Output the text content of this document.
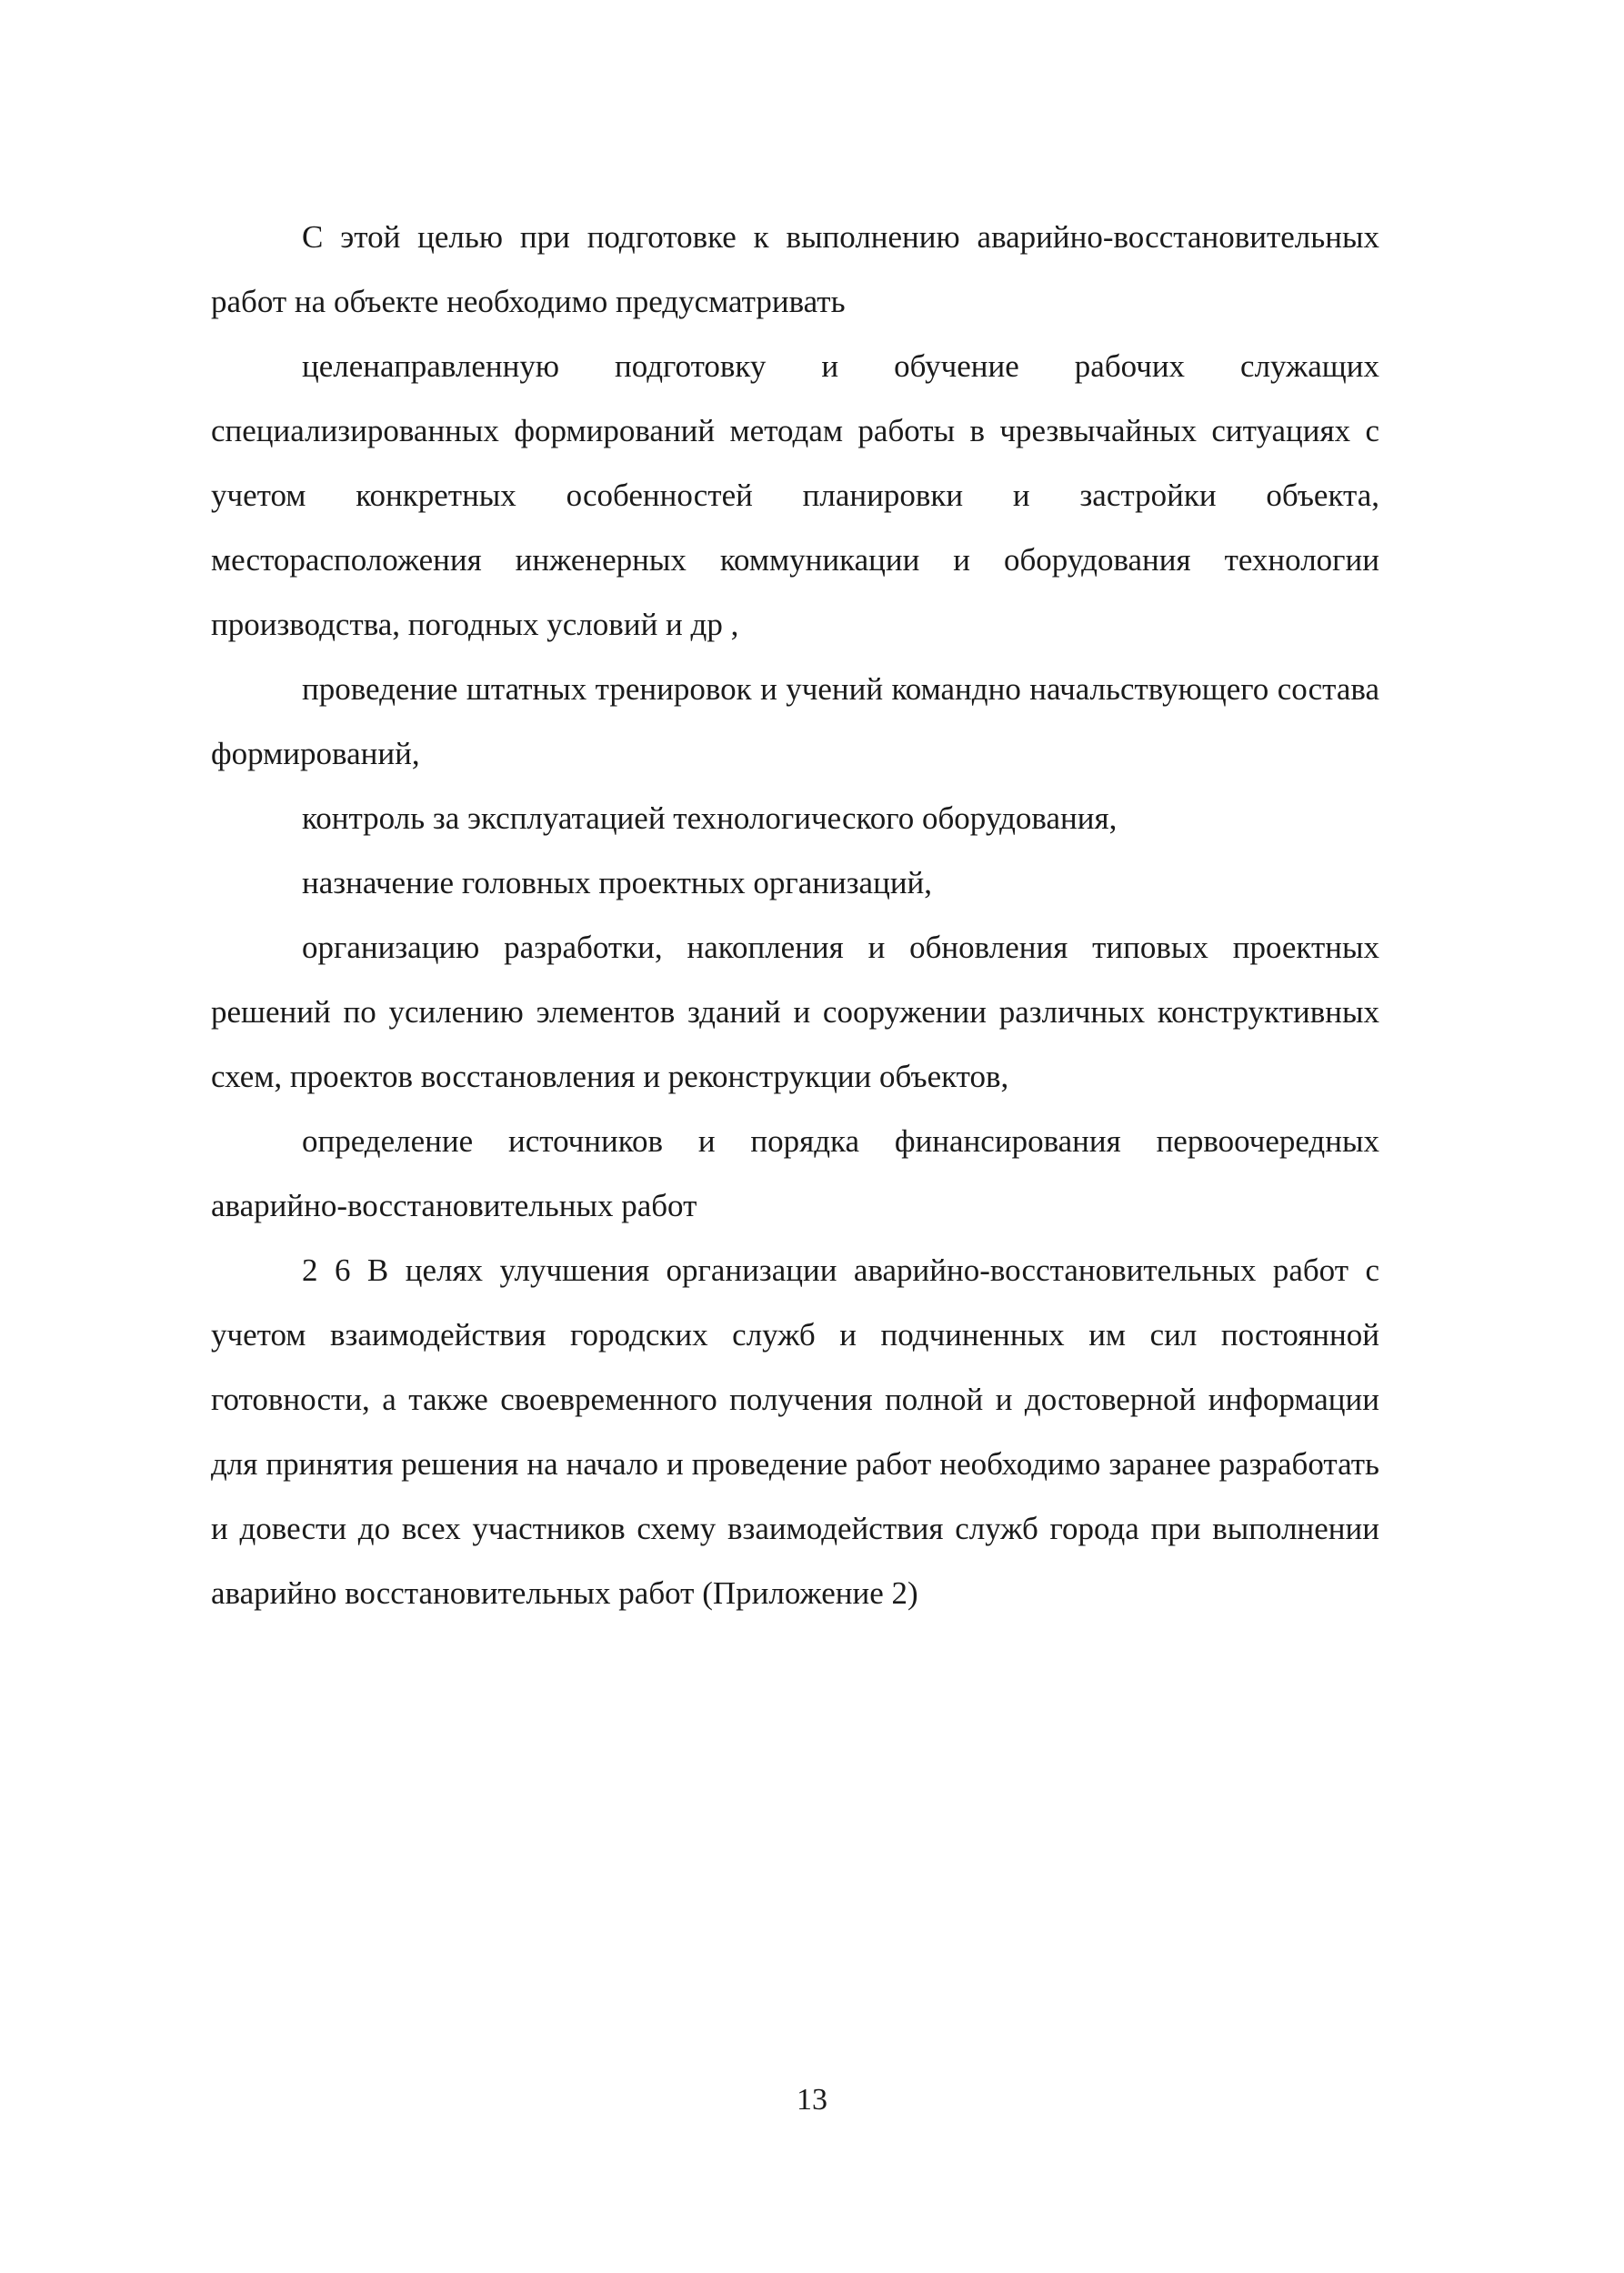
С этой целью при подготовке к выполнению аварийно-восстановительных работ на объекте необходимо предусматривать

целенаправленную подготовку и обучение рабочих служащих специализированных формирований методам работы в чрезвычайных ситуациях с учетом конкретных особенностей планировки и застройки объекта, месторасположения инженерных коммуникации и оборудования технологии производства, погодных условий и др ,

проведение штатных тренировок и учений командно начальствующего состава формирований,

контроль за эксплуатацией технологического оборудования,

назначение головных проектных организаций,

организацию разработки, накопления и обновления типовых проектных решений по усилению элементов зданий и сооружении различных конструктивных схем, проектов восстановления и реконструкции объектов,

определение источников и порядка финансирования первоочередных аварийно-восстановительных работ

2 6 В целях улучшения организации аварийно-восстановительных работ с учетом взаимодействия городских служб и подчиненных им сил постоянной готовности, а также своевременного получения полной и достоверной информации для принятия решения на начало и проведение работ необходимо заранее разработать и довести до всех участников схему взаимодействия служб города при выполнении аварийно восстановительных работ (Приложение 2)

13
